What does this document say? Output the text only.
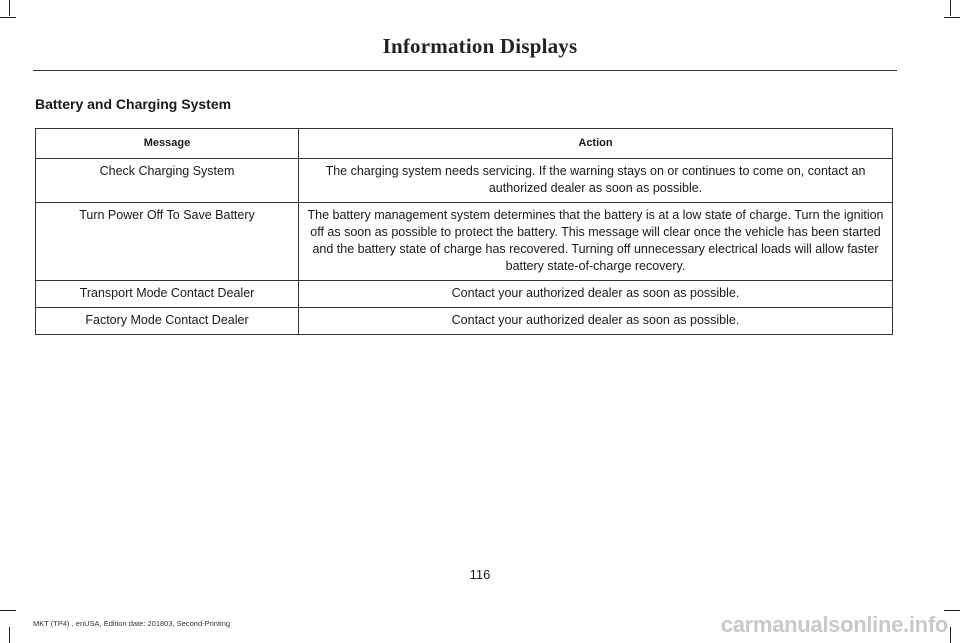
Information Displays
Battery and Charging System
Message	Action
Check Charging System	The charging system needs servicing. If the warning stays on or continues to come on, contact an authorized dealer as soon as possible.
Turn Power Off To Save Battery	The battery management system determines that the battery is at a low state of charge. Turn the ignition off as soon as possible to protect the battery. This message will clear once the vehicle has been started and the battery state of charge has recovered. Turning off unnecessary electrical loads will allow faster battery state-of-charge recovery.
Transport Mode Contact Dealer	Contact your authorized dealer as soon as possible.
Factory Mode Contact Dealer	Contact your authorized dealer as soon as possible.
116
MKT (TP4) , enUSA, Edition date: 201803, Second-Printing	carmanualsonline.info
